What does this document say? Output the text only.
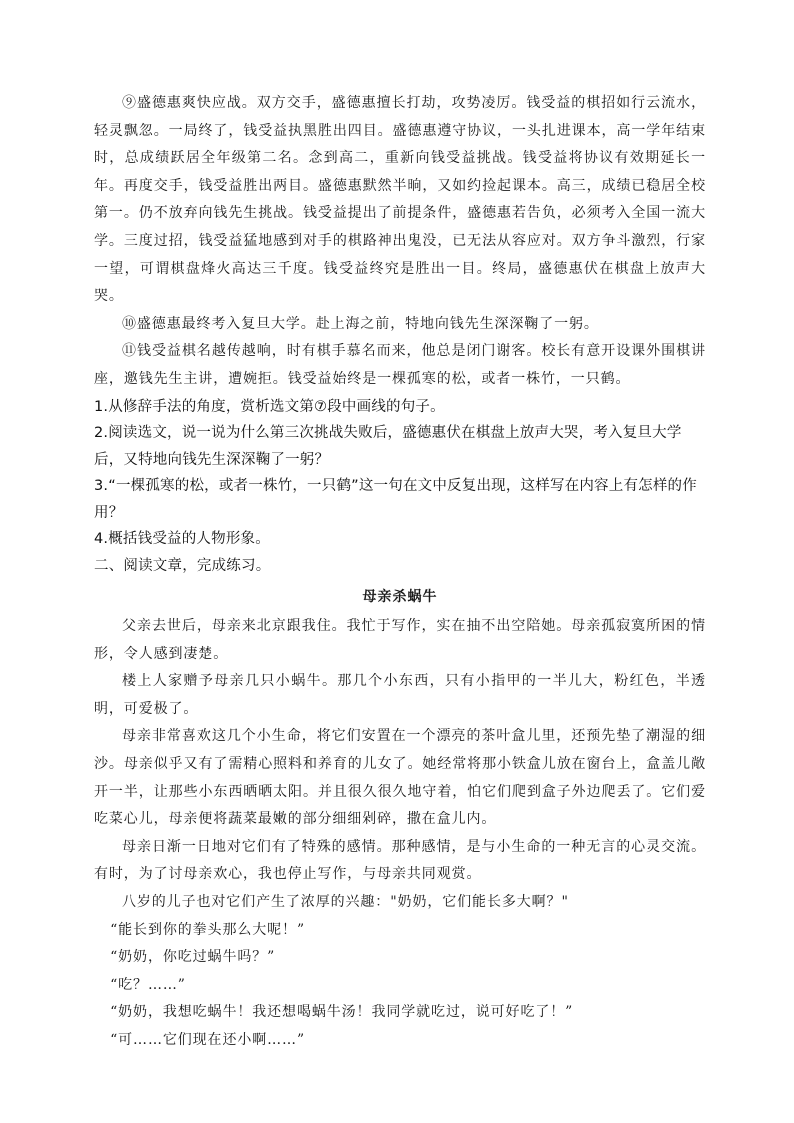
⑨盛德惠爽快应战。双方交手，盛德惠擅长打劫，攻势凌厉。钱受益的棋招如行云流水，轻灵飘忽。一局终了，钱受益执黑胜出四目。盛德惠遵守协议，一头扎进课本，高一学年结束时，总成绩跃居全年级第二名。念到高二，重新向钱受益挑战。钱受益将协议有效期延长一年。再度交手，钱受益胜出两目。盛德惠默然半晌，又如约捡起课本。高三，成绩已稳居全校第一。仍不放弃向钱先生挑战。钱受益提出了前提条件，盛德惠若告负，必须考入全国一流大学。三度过招，钱受益猛地感到对手的棋路神出鬼没，已无法从容应对。双方争斗激烈，行家一望，可谓棋盘烽火高达三千度。钱受益终究是胜出一目。终局，盛德惠伏在棋盘上放声大哭。

⑩盛德惠最终考入复旦大学。赴上海之前，特地向钱先生深深鞠了一躬。

⑪钱受益棋名越传越响，时有棋手慕名而来，他总是闭门谢客。校长有意开设课外围棋讲座，邀钱先生主讲，遭婉拒。钱受益始终是一棵孤寒的松，或者一株竹，一只鹤。

1.从修辞手法的角度，赏析选文第⑦段中画线的句子。

2.阅读选文，说一说为什么第三次挑战失败后，盛德惠伏在棋盘上放声大哭，考入复旦大学后，又特地向钱先生深深鞠了一躬？

3.“一棵孤寒的松，或者一株竹，一只鹤”这一句在文中反复出现，这样写在内容上有怎样的作用？

4.概括钱受益的人物形象。

二、阅读文章，完成练习。

母亲杀蜗牛

父亲去世后，母亲来北京跟我住。我忙于写作，实在抽不出空陪她。母亲孤寂寞所困的情形，令人感到凄楚。

楼上人家赠予母亲几只小蜗牛。那几个小东西，只有小指甲的一半儿大，粉红色，半透明，可爱极了。

母亲非常喜欢这几个小生命，将它们安置在一个漂亮的茶叶盒儿里，还预先垫了潮湿的细沙。母亲似乎又有了需精心照料和养育的儿女了。她经常将那小铁盒儿放在窗台上，盒盖儿敞开一半，让那些小东西晒晒太阳。并且很久很久地守着，怕它们爬到盒子外边爬丢了。它们爱吃菜心儿，母亲便将蔬菜最嫩的部分细细剁碎，撒在盒儿内。

母亲日渐一日地对它们有了特殊的感情。那种感情，是与小生命的一种无言的心灵交流。有时，为了讨母亲欢心，我也停止写作，与母亲共同观赏。

八岁的儿子也对它们产生了浓厚的兴趣："奶奶，它们能长多大啊？"

“能长到你的拳头那么大呢！”

“奶奶，你吃过蜗牛吗？”

“吃？……”

“奶奶，我想吃蜗牛！我还想喝蜗牛汤！我同学就吃过，说可好吃了！”

“可……它们现在还小啊……”
